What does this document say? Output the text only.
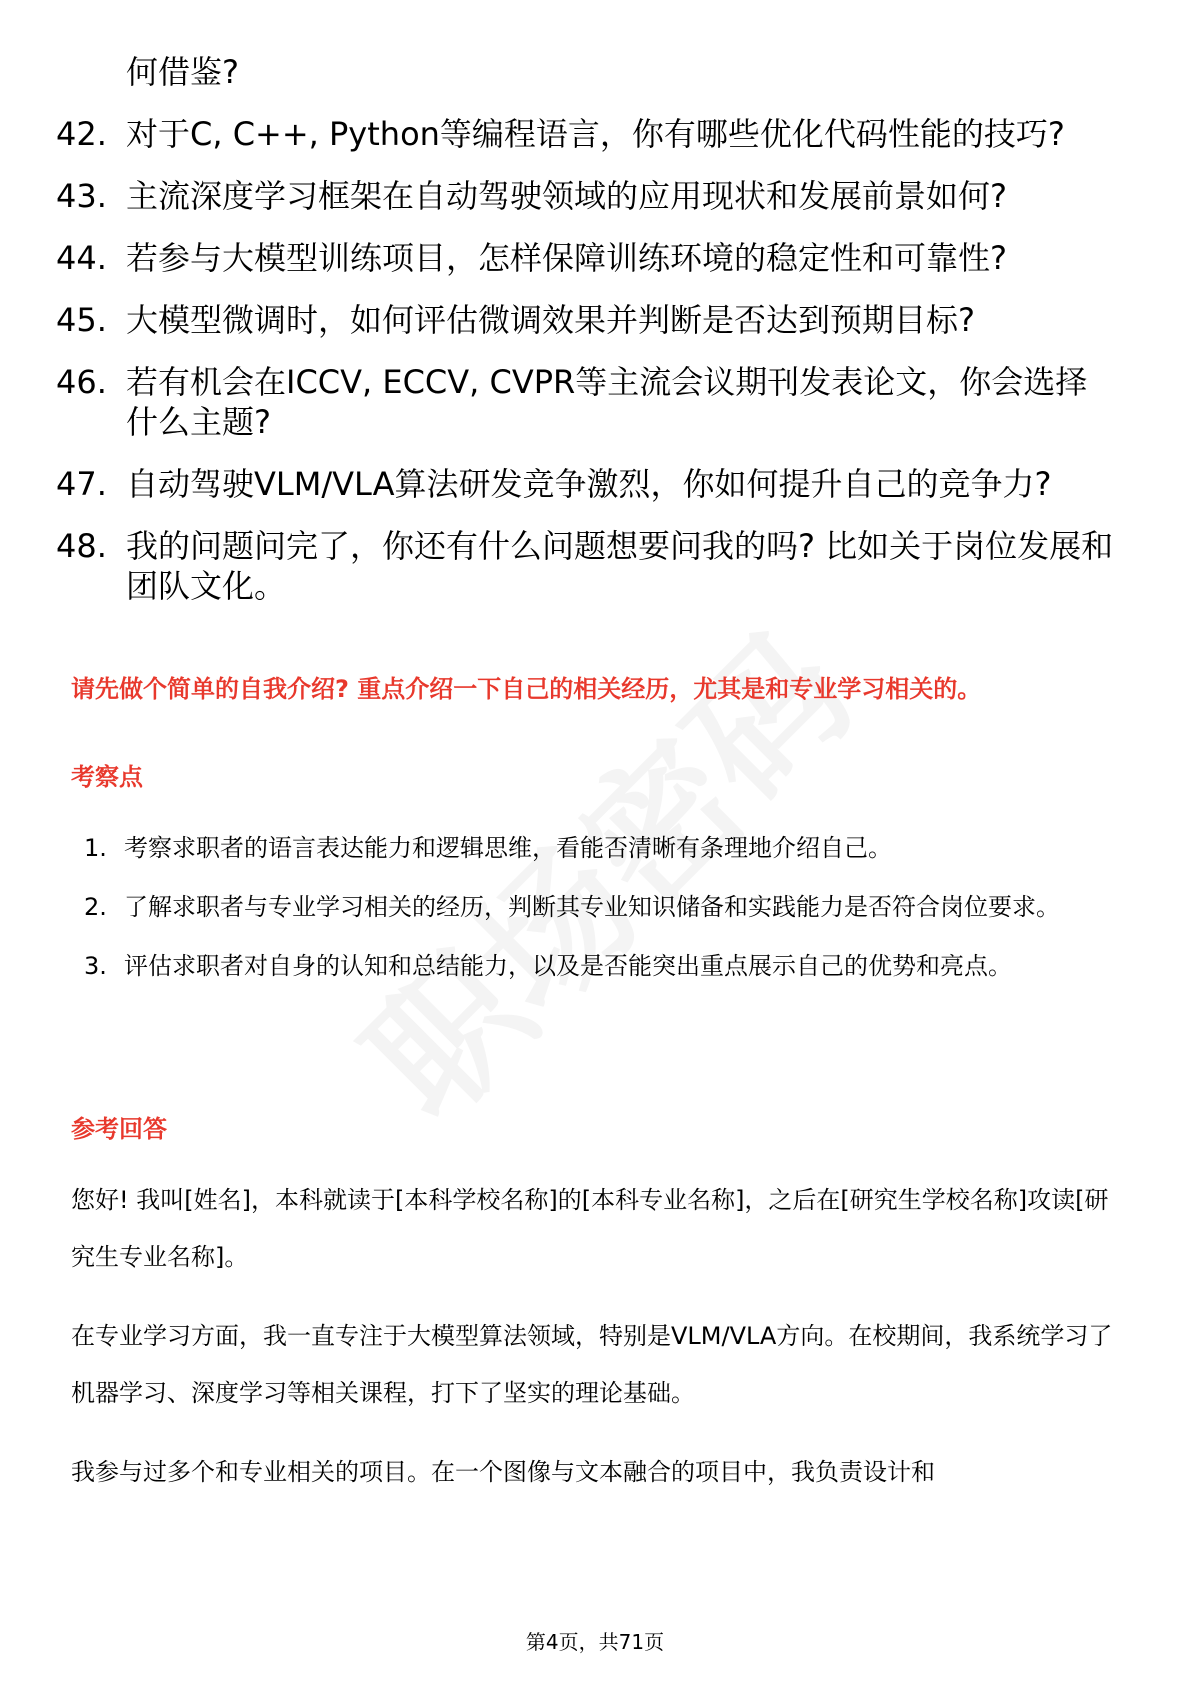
何借鉴?
42. 对于C, C++, Python等编程语言，你有哪些优化代码性能的技巧?
43. 主流深度学习框架在自动驾驶领域的应用现状和发展前景如何?
44. 若参与大模型训练项目，怎样保障训练环境的稳定性和可靠性?
45. 大模型微调时，如何评估微调效果并判断是否达到预期目标?
46. 若有机会在ICCV, ECCV, CVPR等主流会议期刊发表论文，你会选择什么主题?
47. 自动驾驶VLM/VLA算法研发竞争激烈，你如何提升自己的竞争力?
48. 我的问题问完了，你还有什么问题想要问我的吗? 比如关于岗位发展和团队文化。
请先做个简单的自我介绍? 重点介绍一下自己的相关经历，尤其是和专业学习相关的。
考察点
1. 考察求职者的语言表达能力和逻辑思维，看能否清晰有条理地介绍自己。
2. 了解求职者与专业学习相关的经历，判断其专业知识储备和实践能力是否符合岗位要求。
3. 评估求职者对自身的认知和总结能力，以及是否能突出重点展示自己的优势和亮点。
参考回答
您好! 我叫[姓名]，本科就读于[本科学校名称]的[本科专业名称]，之后在[研究生学校名称]攻读[研究生专业名称]。
在专业学习方面，我一直专注于大模型算法领域，特别是VLM/VLA方向。在校期间，我系统学习了机器学习、深度学习等相关课程，打下了坚实的理论基础。
我参与过多个和专业相关的项目。在一个图像与文本融合的项目中，我负责设计和
第4页，共71页
